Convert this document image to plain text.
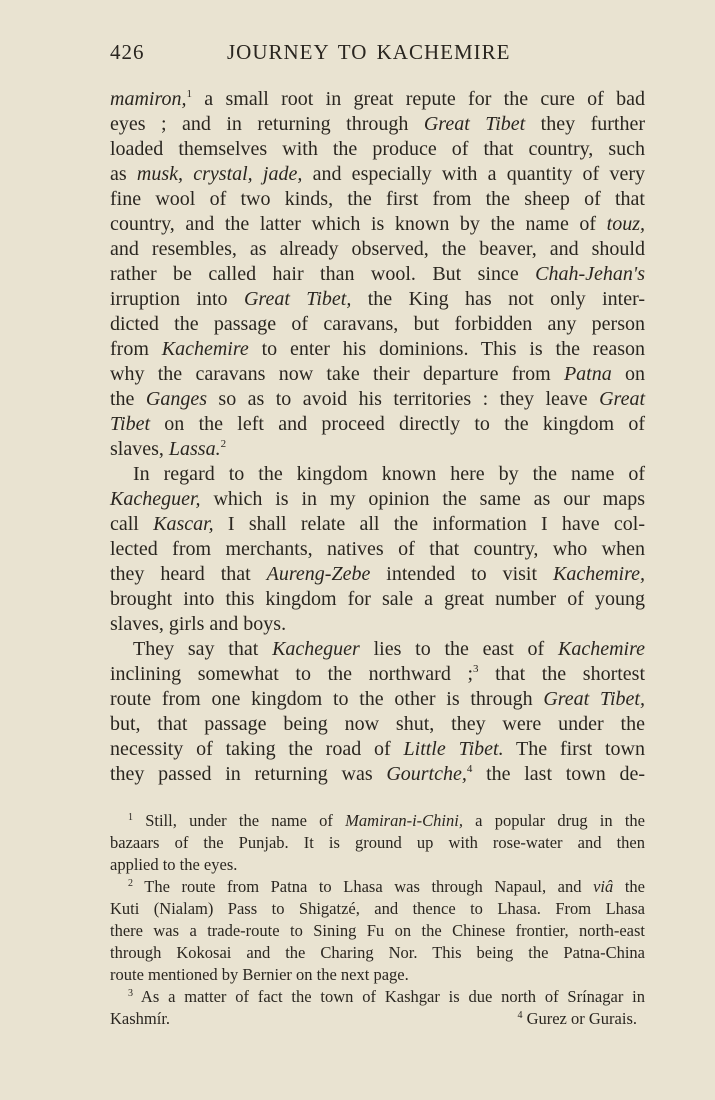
426	JOURNEY TO KACHEMIRE
mamiron,$^1$ a small root in great repute for the cure of bad
eyes ; and in returning through Great Tibet they further
loaded themselves with the produce of that country, such
as musk, crystal, jade, and especially with a quantity of very
fine wool of two kinds, the first from the sheep of that
country, and the latter which is known by the name of touz,
and resembles, as already observed, the beaver, and should
rather be called hair than wool. But since Chah-Jehan's
irruption into Great Tibet, the King has not only inter-
dicted the passage of caravans, but forbidden any person
from Kachemire to enter his dominions. This is the reason
why the caravans now take their departure from Patna on
the Ganges so as to avoid his territories : they leave Great
Tibet on the left and proceed directly to the kingdom of
slaves, Lassa.$^2$
In regard to the kingdom known here by the name of
Kacheguer, which is in my opinion the same as our maps
call Kascar, I shall relate all the information I have col-
lected from merchants, natives of that country, who when
they heard that Aureng-Zebe intended to visit Kachemire,
brought into this kingdom for sale a great number of young
slaves, girls and boys.
They say that Kacheguer lies to the east of Kachemire
inclining somewhat to the northward ;$^3$ that the shortest
route from one kingdom to the other is through Great Tibet,
but, that passage being now shut, they were under the
necessity of taking the road of Little Tibet. The first town
they passed in returning was Gourtche,$^4$ the last town de-
$^1$ Still, under the name of Mamiran-i-Chini, a popular drug in the
bazaars of the Punjab. It is ground up with rose-water and then
applied to the eyes.
$^2$ The route from Patna to Lhasa was through Napaul, and viâ the
Kuti (Nialam) Pass to Shigatzé, and thence to Lhasa. From Lhasa
there was a trade-route to Sining Fu on the Chinese frontier, north-east
through Kokosai and the Charing Nor. This being the Patna-China
route mentioned by Bernier on the next page.
$^3$ As a matter of fact the town of Kashgar is due north of Srínagar in
Kashmír.	$^4$ Gurez or Gurais.
